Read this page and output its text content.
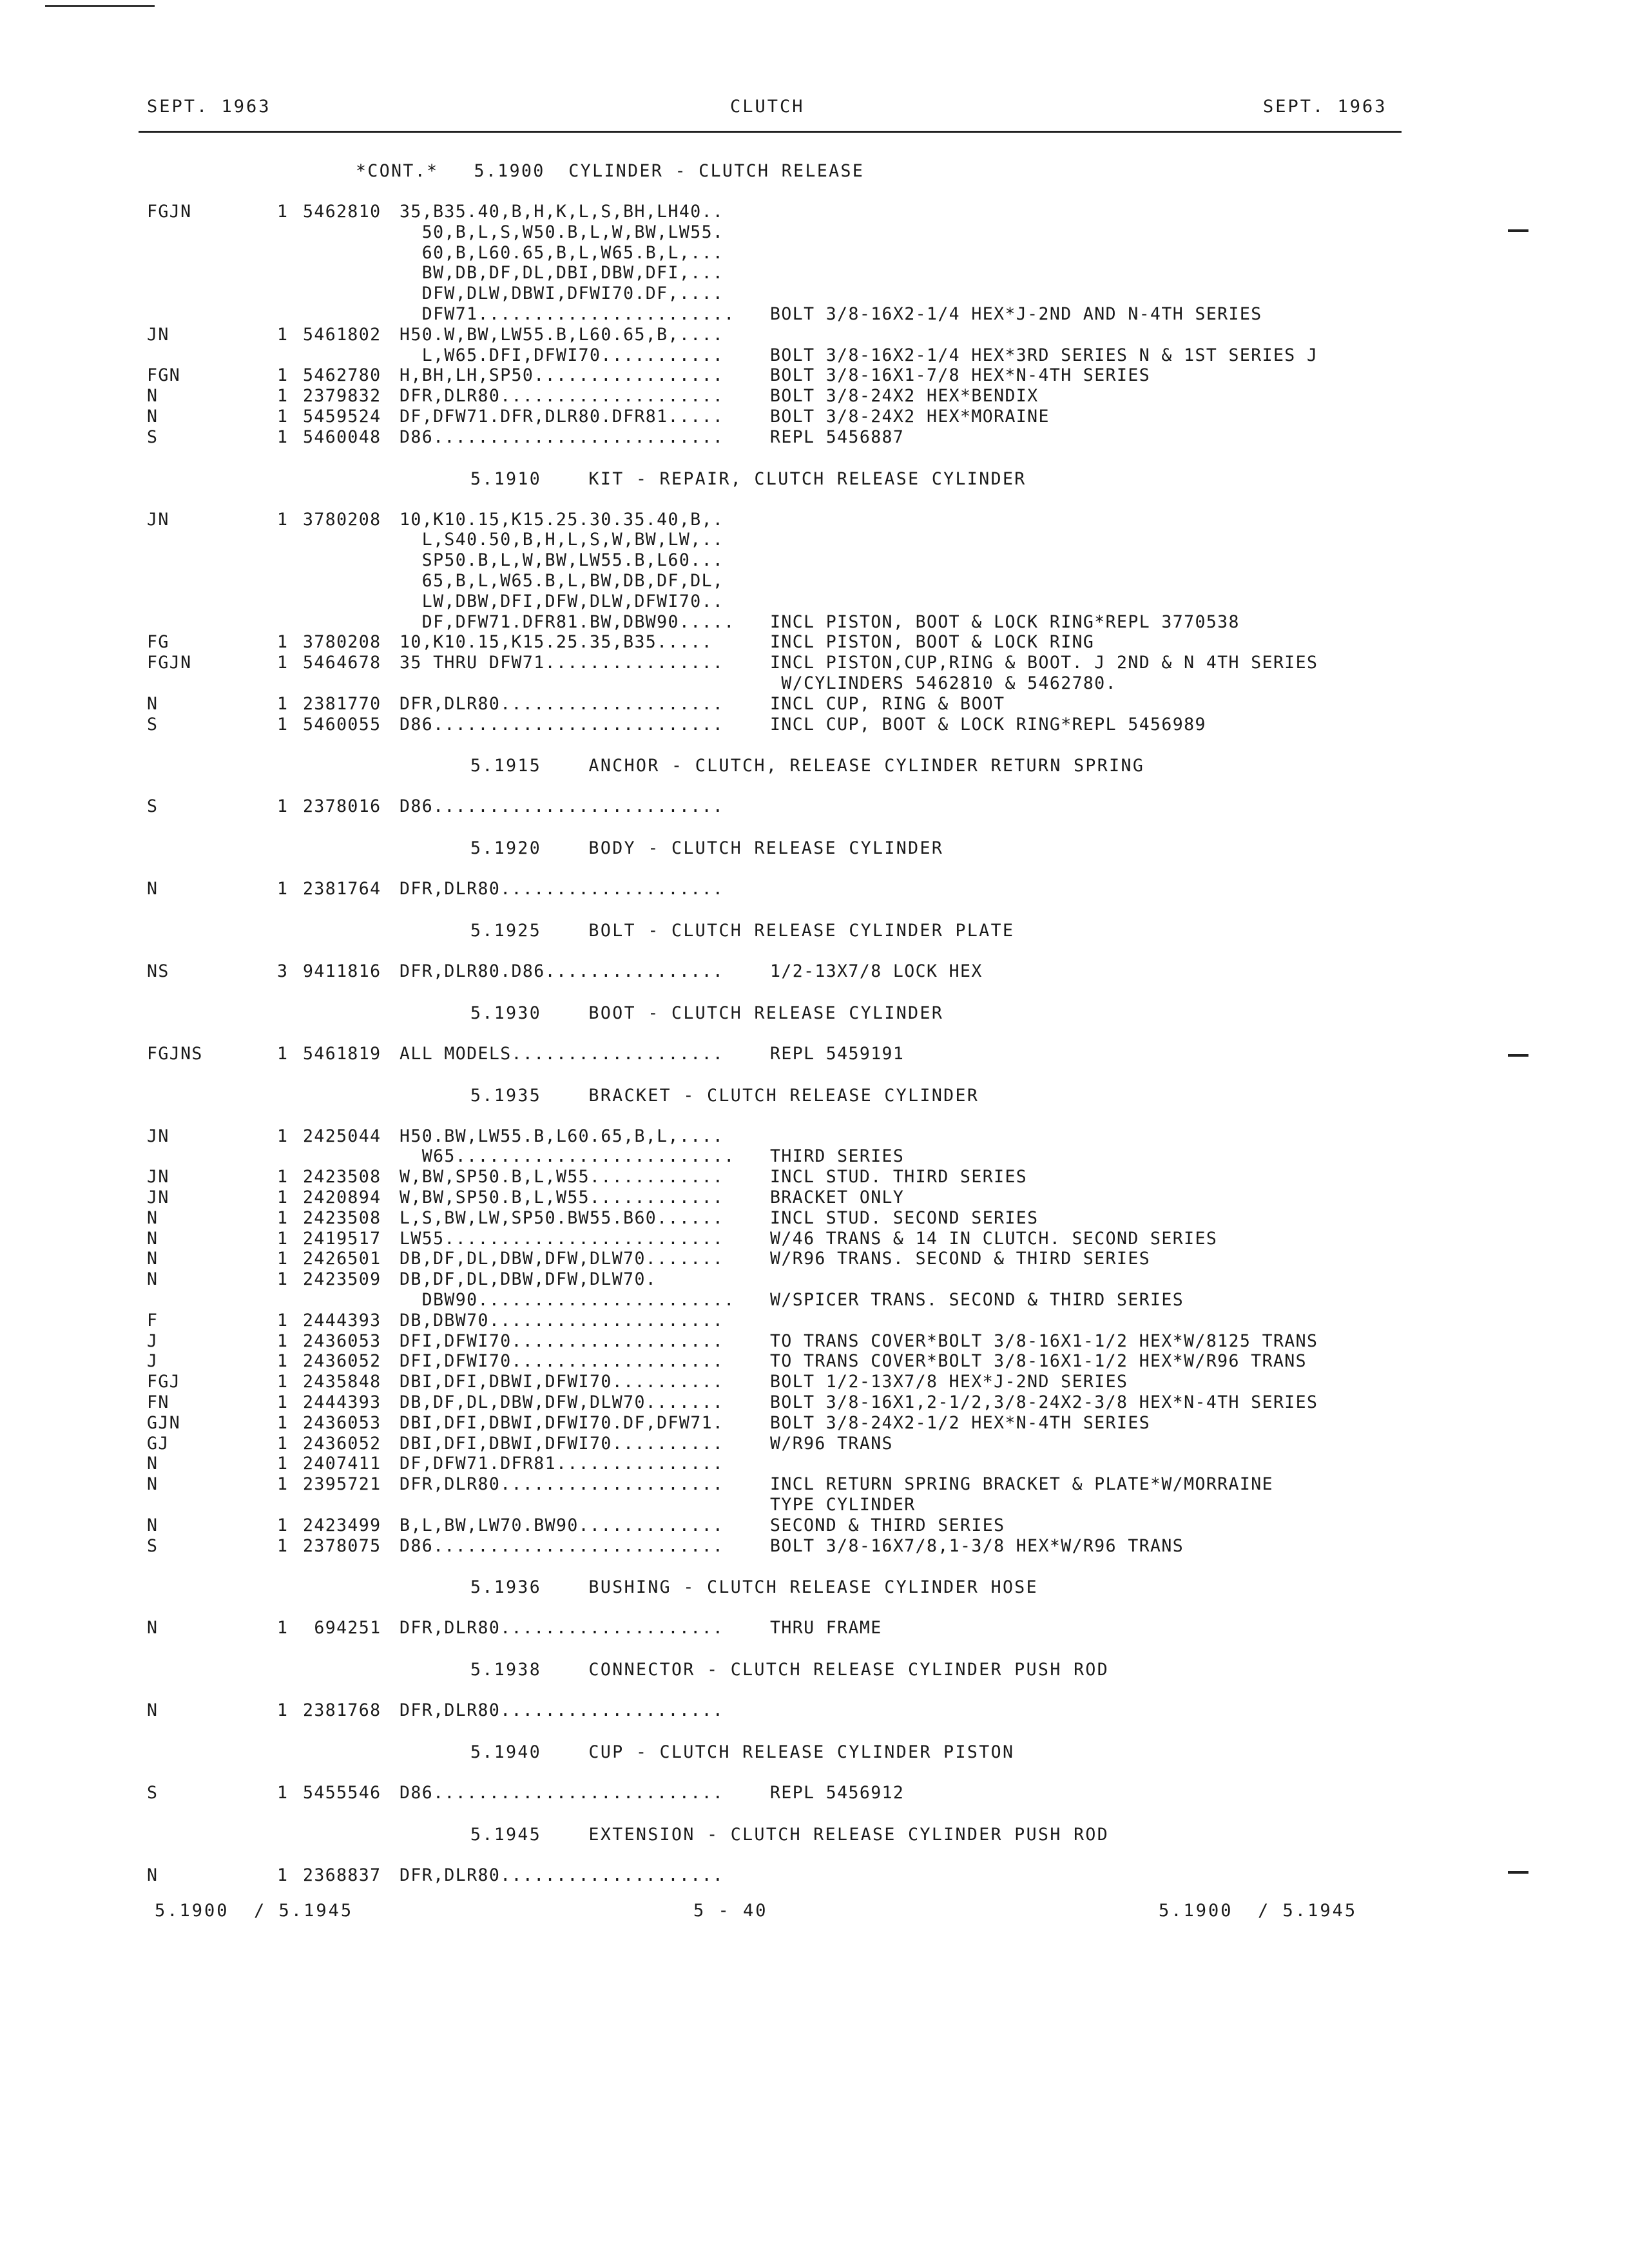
SEPT. 1963	CLUTCH	SEPT. 1963
*CONT.*   5.1900  CYLINDER - CLUTCH RELEASE
FGJN	1 5462810 35,B35.40,B,H,K,L,S,BH,LH40..
50,B,L,S,W50.B,L,W,BW,LW55.
60,B,L60.65,B,L,W65.B,L,...
BW,DB,DF,DL,DBI,DBW,DFI,...
DFW,DLW,DBWI,DFWI70.DF,....
DFW71....................... BOLT 3/8-16X2-1/4 HEX*J-2ND AND N-4TH SERIES
JN	1 5461802 H50.W,BW,LW55.B,L60.65,B,....
L,W65.DFI,DFWI70...........	BOLT 3/8-16X2-1/4 HEX*3RD SERIES N & 1ST SERIES J
FGN	1 5462780 H,BH,LH,SP50.................	BOLT 3/8-16X1-7/8 HEX*N-4TH SERIES
N	1 2379832 DFR,DLR80....................	BOLT 3/8-24X2 HEX*BENDIX
N	1 5459524 DF,DFW71.DFR,DLR80.DFR81.....	BOLT 3/8-24X2 HEX*MORAINE
S	1 5460048 D86..........................	REPL 5456887
5.1910    KIT - REPAIR, CLUTCH RELEASE CYLINDER
JN	1 3780208 10,K10.15,K15.25.30.35.40,B,.
L,S40.50,B,H,L,S,W,BW,LW,..
SP50.B,L,W,BW,LW55.B,L60...
65,B,L,W65.B,L,BW,DB,DF,DL,
LW,DBW,DFI,DFW,DLW,DFWI70..
DF,DFW71.DFR81.BW,DBW90..... INCL PISTON, BOOT & LOCK RING*REPL 3770538
FG	1 3780208 10,K10.15,K15.25.35,B35.....	INCL PISTON, BOOT & LOCK RING
FGJN	1 5464678 35 THRU DFW71................	INCL PISTON,CUP,RING & BOOT. J 2ND & N 4TH SERIES
W/CYLINDERS 5462810 & 5462780.
N	1 2381770 DFR,DLR80....................	INCL CUP, RING & BOOT
S	1 5460055 D86..........................	INCL CUP, BOOT & LOCK RING*REPL 5456989
5.1915    ANCHOR - CLUTCH, RELEASE CYLINDER RETURN SPRING
S	1 2378016 D86..........................
5.1920    BODY - CLUTCH RELEASE CYLINDER
N	1 2381764 DFR,DLR80....................
5.1925    BOLT - CLUTCH RELEASE CYLINDER PLATE
NS	3 9411816 DFR,DLR80.D86................	1/2-13X7/8 LOCK HEX
5.1930    BOOT - CLUTCH RELEASE CYLINDER
FGJNS	1 5461819 ALL MODELS...................	REPL 5459191
5.1935    BRACKET - CLUTCH RELEASE CYLINDER
JN	1 2425044 H50.BW,LW55.B,L60.65,B,L,....
W65......................... THIRD SERIES
JN	1 2423508 W,BW,SP50.B,L,W55............	INCL STUD. THIRD SERIES
JN	1 2420894 W,BW,SP50.B,L,W55............	BRACKET ONLY
N	1 2423508 L,S,BW,LW,SP50.BW55.B60......	INCL STUD. SECOND SERIES
N	1 2419517 LW55.........................	W/46 TRANS & 14 IN CLUTCH. SECOND SERIES
N	1 2426501 DB,DF,DL,DBW,DFW,DLW70.......	W/R96 TRANS. SECOND & THIRD SERIES
N	1 2423509 DB,DF,DL,DBW,DFW,DLW70.
DBW90....................... W/SPICER TRANS. SECOND & THIRD SERIES
F	1 2444393 DB,DBW70.....................
J	1 2436053 DFI,DFWI70...................	TO TRANS COVER*BOLT 3/8-16X1-1/2 HEX*W/8125 TRANS
J	1 2436052 DFI,DFWI70...................	TO TRANS COVER*BOLT 3/8-16X1-1/2 HEX*W/R96 TRANS
FGJ	1 2435848 DBI,DFI,DBWI,DFWI70..........	BOLT 1/2-13X7/8 HEX*J-2ND SERIES
FN	1 2444393 DB,DF,DL,DBW,DFW,DLW70.......	BOLT 3/8-16X1,2-1/2,3/8-24X2-3/8 HEX*N-4TH SERIES
GJN	1 2436053 DBI,DFI,DBWI,DFWI70.DF,DFW71.	BOLT 3/8-24X2-1/2 HEX*N-4TH SERIES
GJ	1 2436052 DBI,DFI,DBWI,DFWI70..........	W/R96 TRANS
N	1 2407411 DF,DFW71.DFR81...............
N	1 2395721 DFR,DLR80....................	INCL RETURN SPRING BRACKET & PLATE*W/MORRAINE
TYPE CYLINDER
N	1 2423499 B,L,BW,LW70.BW90.............	SECOND & THIRD SERIES
S	1 2378075 D86..........................	BOLT 3/8-16X7/8,1-3/8 HEX*W/R96 TRANS
5.1936    BUSHING - CLUTCH RELEASE CYLINDER HOSE
N	1 694251 DFR,DLR80....................	THRU FRAME
5.1938    CONNECTOR - CLUTCH RELEASE CYLINDER PUSH ROD
N	1 2381768 DFR,DLR80....................
5.1940    CUP - CLUTCH RELEASE CYLINDER PISTON
S	1 5455546 D86..........................	REPL 5456912
5.1945    EXTENSION - CLUTCH RELEASE CYLINDER PUSH ROD
N	1 2368837 DFR,DLR80....................
5.1900  / 5.1945	5 - 40	5.1900  / 5.1945
